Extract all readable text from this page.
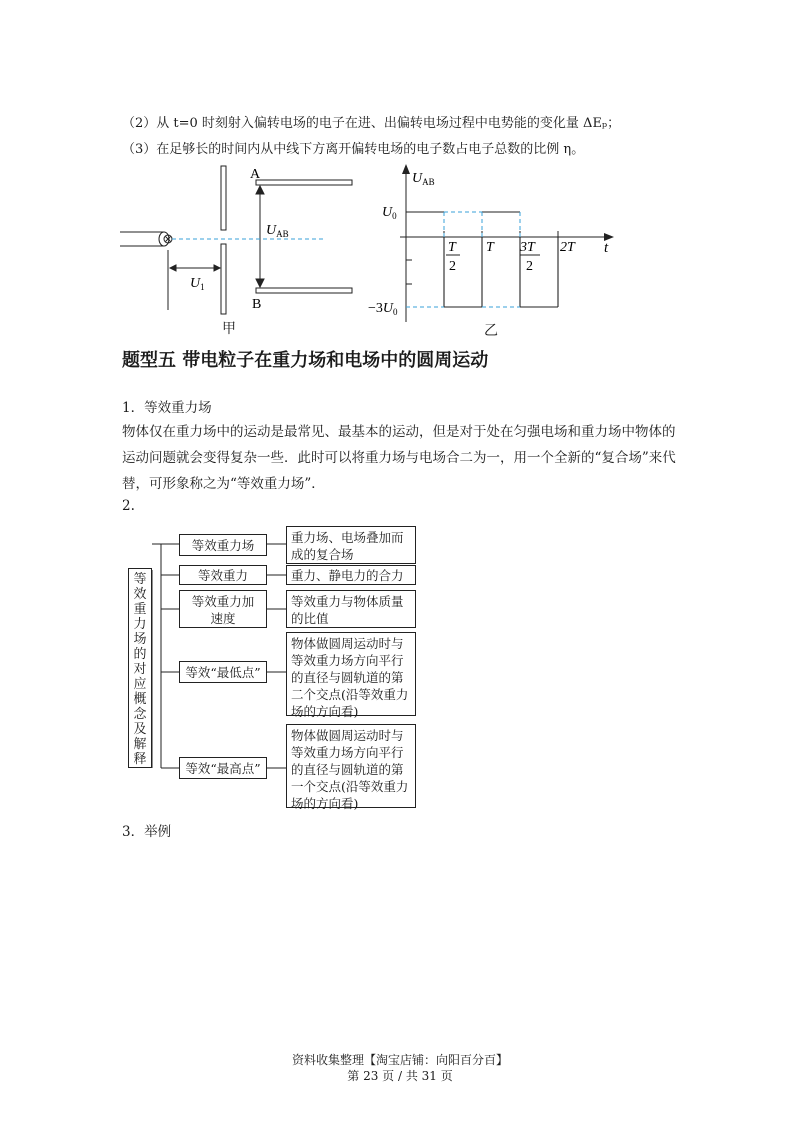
（2）从 t=0 时刻射入偏转电场的电子在进、出偏转电场过程中电势能的变化量 ΔEₚ；
（3）在足够长的时间内从中线下方离开偏转电场的电子数占电子总数的比例 η。
A
B
$U_{AB}$
$U_1$
甲
$U_{AB}$
t
$U_0$
$-3U_0$
T
2
T 3T
2
2T
乙
题型五 带电粒子在重力场和电场中的圆周运动
1．等效重力场
物体仅在重力场中的运动是最常见、最基本的运动，但是对于处在匀强电场和重力场中物体的运动问题就会变得复杂一些．此时可以将重力场与电场合二为一，用一个全新的“复合场”来代替，可形象称之为“等效重力场”．
2.
等效重力场的对应概念及解释
等效重力场
重力场、电场叠加而成的复合场
等效重力	重力、静电力的合力
等效重力加速度
等效重力与物体质量的比值
等效“最低点”
物体做圆周运动时与等效重力场方向平行的直径与圆轨道的第二个交点(沿等效重力场的方向看)
等效“最高点”
物体做圆周运动时与等效重力场方向平行的直径与圆轨道的第一个交点(沿等效重力场的方向看)
3．举例
资料收集整理【淘宝店铺：向阳百分百】
第 23 页 / 共 31 页
